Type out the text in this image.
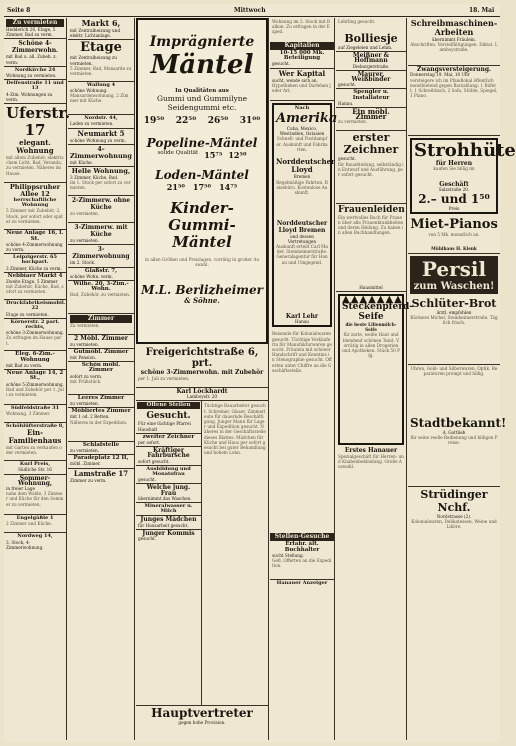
Seite 8	Mittwoch	18. Mai
Zu vermieten
Hedderich 26, Etage, 5 Zimmer, Bad zu verm.
Schöne 4-Zimmerwohn.
mit Bad u. all. Zubeh. z. verm.
Nordkirche 24
Wohnung zu vermieten.
Delfenstraße 11 und 13
4-Zim. Wohnungen zu verm.
Uferstr. 17
elegant. Wohnung
mit allem Zubehör, elektrischem Licht, Bad, Veranda, zu vermieten. Näheres im Hause.
Philippsruher Allee 12
herrschaftliche Wohnung
5 Zimmer mit Zubehör, 2. Stock, per sofort oder später zu vermieten.
Neue Anlage 16, I. St.
schöne 4-Zimmerwohnung zu verm.
Leipzigerstr. 65 hochpart.
3 Zimmer, Küche zu verm.
Nebbiaer Markt 4
Zweite Etage, 5 Zimmer
mit Zubehör, Küche, Bad, sofort zu vermieten.
Druckfabrikelsmobil. 22
Etage zu vermieten.
Körnerstr. 2 part. rechts,
schöne 3-Zimmerwohnung.
Zu erfragen im Hause part.
Eleg. 6-Zim.-Wohnung
mit Bad zu verm.
Neue Anlage 14, 2 St.,
schöne 5-Zimmerwohnung.
Bad und Zubehör per 1. Juli zu vermieten.
Südfeldstraße 31
Wohnung, 3 Zimmer.
Schöhlüfterstraße 8,
Ein-Familienhaus
mit Garten zu verkaufen oder vermieten.
Kurl Preis,
Südliche Str. 16
Sommer-Wohnung,
in freier Lage
nahe dem Walde, 3 Zimmer und Küche für den Sommer zu vermieten.
Engelgäßle 1
2 Zimmer und Küche.
Nordweg 14,
3. Stock, 4-Zimmerwohnung.
Markt 6,
mit Zentralheizung und elektr. Lichtanlage.
Etage
mit Zentralheizung zu vermieten.
5 Zimmer, Bad, Mansarde zu vermieten.
Wallung 4
schöne Wohnung.
Mansardenwohnung, 2 Zimmer mit Küche.
Nordstr. 44,
Laden zu vermieten.
Neumarkt 5
schöne Wohnung zu verm.
4-Zimmerwohnung
mit Küche.
Helle Wohnung,
3 Zimmer, Küche, Bad.
im 1. Stock per sofort zu vermieten.
2-Zimmerw. ohne Küche
zu vermieten.
3-Zimmerw. mit Küche
zu vermieten.
3-Zimmerwohnung
im 2. Stock.
Glaßstr. 7,
schöne Wohn. verm.
Wilhe. 20, 3-Zim.-Wohn.
Bad, Zubehör, zu vermieten.
Zimmer
Zu vermieten.
2 Möbl. Zimmer
zu vermieten.
Gutmöbl. Zimmer
mit Pension.
Schön möbl. Zimmer
sofort zu verm.
mit Frühstück.
Leeres Zimmer
zu vermieten.
Möbliertes Zimmer
mit 1 od. 2 Betten.
Näheres in der Expedition.
Schlafstelle
zu vermieten.
Paradeplatz 12 II,
möbl. Zimmer.
Lamstraße 17
Zimmer zu verm.
Freigerichtstraße 6, prt.
schöne 3-Zimmerwohn. mit Zubehör
per 1. Juli zu vermieten.
Karl Löckhardt
Lamboystr. 20
Offene Stellen
Gesucht.
Für eine tüchtige Pfarrei Haushalt
zweiter Zeichner
per sofort.
Kräftiger Fahrbursche
sofort gesucht.
Ausbildung und Monatsfrau
gesucht.
Welche jung. Frau
übernimmt das Waschen.
Mineralwasser u. Milch
Junges Mädchen
für Hausarbeit gesucht.
Junger Kommis
gesucht.
Tüchtige Bauarbeiter gesucht. Schreiner, Glaser, Zimmerleute für dauernde Beschäftigung. Junger Mann für Lager und Expedition gesucht. Näheres in der Geschäftsstelle dieses Blattes. Mädchen für Küche und Haus per sofort gesucht bei guter Behandlung und hohem Lohn.
Hauptvertreter
gegen hohe Provision.
Imprägnierte
Mäntel
In Qualitäten aus
Gummi und Gummilyne
Seidengummi etc.
19⁵⁰ 22⁵⁰ 26⁵⁰ 31⁰⁰
Popeline-Mäntel
solide Qualität 15⁷⁵ 12⁵⁰
Loden-Mäntel
21⁵⁰ 17⁵⁰ 14⁷⁵
Kinder-Gummi-
Mäntel
in allen Größen und Preislagen, vorrätig in großer Auswahl.
M.L. Berlizheimer
& Söhne.
Wohnung im 2. Stock mit Balkon. Zu erfragen in der Exped.
Kapitalien
10-15 000 Mk. Beteiligung
gesucht.
Wer Kapital
sucht, wende sich an.
Hypotheken und Darlehen jeder Art.
Nach
Amerika
Cuba, Mexico, Westindien, Ostasien
Schnell- und Postdampfer. Auskunft und Fahrkarten.
Norddeutscher Lloyd
Bremen
Regelmäßige Fahrten. Reisebüro. Kostenlose Auskunft.
Norddeutscher Lloyd Bremen
und dessen Vertretungen
Auskunft erteilt Carl Mader, Steinheimerstraße. Generalagentur für Hanau und Umgegend.
Karl Lehr
Hanau
Reisende für Kolonialwaren gesucht. Tüchtige Verkäuferin für Manufakturwaren gesucht. Fräulein mit schöner Handschrift und Kenntnis in Stenographie gesucht. Offerten unter Chiffre an die Geschäftsstelle.
Stellen-Gesuche
Erfahr. ält. Buchhalter
sucht Stellung.
Gefl. Offerten an die Expedition.
Hanauer Anzeiger
Lehrling gesucht.
Bolliesje
auf Ziegeleien und Lehm.
Meißner & Hoffmann
Dieburgerstraße.
Maurer, Weißbinder
gesucht.
Spengler u. Installateur
Hanau.
Ein möbl. Zimmer
zu vermieten.
erster Zeichner
gesucht.
für Bauabteilung, selbständig in Entwurf und Ausführung, per sofort gesucht.
Frauenleiden
Ein wertvolles Buch für Frauen über alle Frauenkrankheiten und deren Heilung. Zu haben in allen Buchhandlungen.
Hausmittel
▲▲▲▲▲▲▲
Steckenpferd-Seife
die beste Lilienmilch-Seife
für zarte, weiße Haut und blendend schönen Teint. Vorrätig in allen Drogerien und Apotheken. Stück 50 Pfg.
Erstes Hanauer
Spezialgeschäft für Herren- und Knabenbekleidung. Große Auswahl.
Schreibmaschinen-Arbeiten
übernimmt Fräulein.
Abschriften, Vervielfältigungen. Diktat. Lamboystraße.
Zwangsversteigerung.
Donnerstag 19. Mai, 10 Uhr
versteigere ich im Pfandlokal öffentlich meistbietend gegen Barzahlung: 1 Büfett, 1 Schreibtisch, 2 Sofa, Stühle, Spiegel, 1 Piano.
Strohhüte
für Herren
kaufen Sie billig im
Geschäft
Salzstraße 20.
2.– und 1⁵⁰
Preis
Miet-Pianos
von 5 Mk. monatlich an.
Mühlhaus H. Klenk
Persil
zum Waschen!
Schlüter-Brot
ärztl. empfohlen
Bäckerei Michel, Steinheimerstraße. Täglich frisch.
Uhren, Gold- und Silberwaren, Optik. Reparaturen prompt und billig.
Stadtbekannt!
A. Gottlieb
für seine reelle Bedienung und billigen Preise.
Strüdinger Nchf.
Nordstrasse (2).
Kolonialwaren, Delikatessen, Weine und Liköre.
